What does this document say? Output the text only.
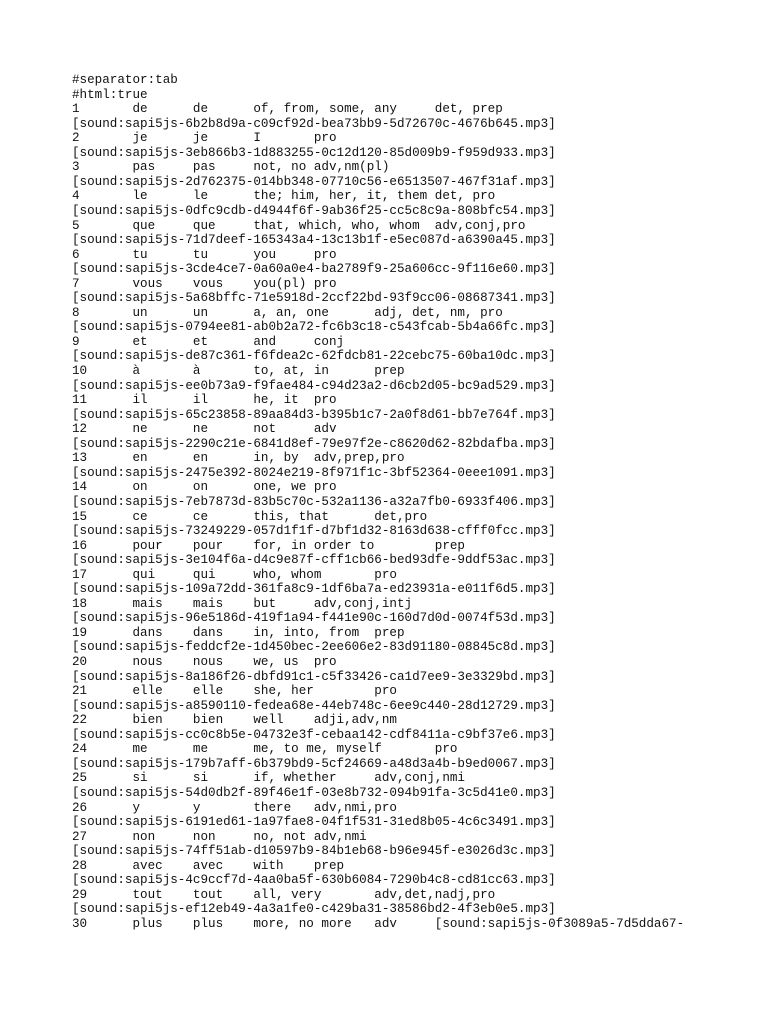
#separator:tab
#html:true
1       de      de      of, from, some, any     det, prep
[sound:sapi5js-6b2b8d9a-c09cf92d-bea73bb9-5d72670c-4676b645.mp3]
2       je      je      I       pro
[sound:sapi5js-3eb866b3-1d883255-0c12d120-85d009b9-f959d933.mp3]
3       pas     pas     not, no adv,nm(pl)
[sound:sapi5js-2d762375-014bb348-07710c56-e6513507-467f31af.mp3]
4       le      le      the; him, her, it, them det, pro
[sound:sapi5js-0dfc9cdb-d4944f6f-9ab36f25-cc5c8c9a-808bfc54.mp3]
5       que     que     that, which, who, whom  adv,conj,pro
[sound:sapi5js-71d7deef-165343a4-13c13b1f-e5ec087d-a6390a45.mp3]
6       tu      tu      you     pro
[sound:sapi5js-3cde4ce7-0a60a0e4-ba2789f9-25a606cc-9f116e60.mp3]
7       vous    vous    you(pl) pro
[sound:sapi5js-5a68bffc-71e5918d-2ccf22bd-93f9cc06-08687341.mp3]
8       un      un      a, an, one      adj, det, nm, pro
[sound:sapi5js-0794ee81-ab0b2a72-fc6b3c18-c543fcab-5b4a66fc.mp3]
9       et      et      and     conj
[sound:sapi5js-de87c361-f6fdea2c-62fdcb81-22cebc75-60ba10dc.mp3]
10      à       à       to, at, in      prep
[sound:sapi5js-ee0b73a9-f9fae484-c94d23a2-d6cb2d05-bc9ad529.mp3]
11      il      il      he, it  pro
[sound:sapi5js-65c23858-89aa84d3-b395b1c7-2a0f8d61-bb7e764f.mp3]
12      ne      ne      not     adv
[sound:sapi5js-2290c21e-6841d8ef-79e97f2e-c8620d62-82bdafba.mp3]
13      en      en      in, by  adv,prep,pro
[sound:sapi5js-2475e392-8024e219-8f971f1c-3bf52364-0eee1091.mp3]
14      on      on      one, we pro
[sound:sapi5js-7eb7873d-83b5c70c-532a1136-a32a7fb0-6933f406.mp3]
15      ce      ce      this, that      det,pro
[sound:sapi5js-73249229-057d1f1f-d7bf1d32-8163d638-cfff0fcc.mp3]
16      pour    pour    for, in order to        prep
[sound:sapi5js-3e104f6a-d4c9e87f-cff1cb66-bed93dfe-9ddf53ac.mp3]
17      qui     qui     who, whom       pro
[sound:sapi5js-109a72dd-361fa8c9-1df6ba7a-ed23931a-e011f6d5.mp3]
18      mais    mais    but     adv,conj,intj
[sound:sapi5js-96e5186d-419f1a94-f441e90c-160d7d0d-0074f53d.mp3]
19      dans    dans    in, into, from  prep
[sound:sapi5js-feddcf2e-1d450bec-2ee606e2-83d91180-08845c8d.mp3]
20      nous    nous    we, us  pro
[sound:sapi5js-8a186f26-dbfd91c1-c5f33426-ca1d7ee9-3e3329bd.mp3]
21      elle    elle    she, her        pro
[sound:sapi5js-a8590110-fedea68e-44eb748c-6ee9c440-28d12729.mp3]
22      bien    bien    well    adji,adv,nm
[sound:sapi5js-cc0c8b5e-04732e3f-cebaa142-cdf8411a-c9bf37e6.mp3]
24      me      me      me, to me, myself       pro
[sound:sapi5js-179b7aff-6b379bd9-5cf24669-a48d3a4b-b9ed0067.mp3]
25      si      si      if, whether     adv,conj,nmi
[sound:sapi5js-54d0db2f-89f46e1f-03e8b732-094b91fa-3c5d41e0.mp3]
26      y       y       there   adv,nmi,pro
[sound:sapi5js-6191ed61-1a97fae8-04f1f531-31ed8b05-4c6c3491.mp3]
27      non     non     no, not adv,nmi
[sound:sapi5js-74ff51ab-d10597b9-84b1eb68-b96e945f-e3026d3c.mp3]
28      avec    avec    with    prep
[sound:sapi5js-4c9ccf7d-4aa0ba5f-630b6084-7290b4c8-cd81cc63.mp3]
29      tout    tout    all, very       adv,det,nadj,pro
[sound:sapi5js-ef12eb49-4a3a1fe0-c429ba31-38586bd2-4f3eb0e5.mp3]
30      plus    plus    more, no more   adv     [sound:sapi5js-0f3089a5-7d5dda67-
